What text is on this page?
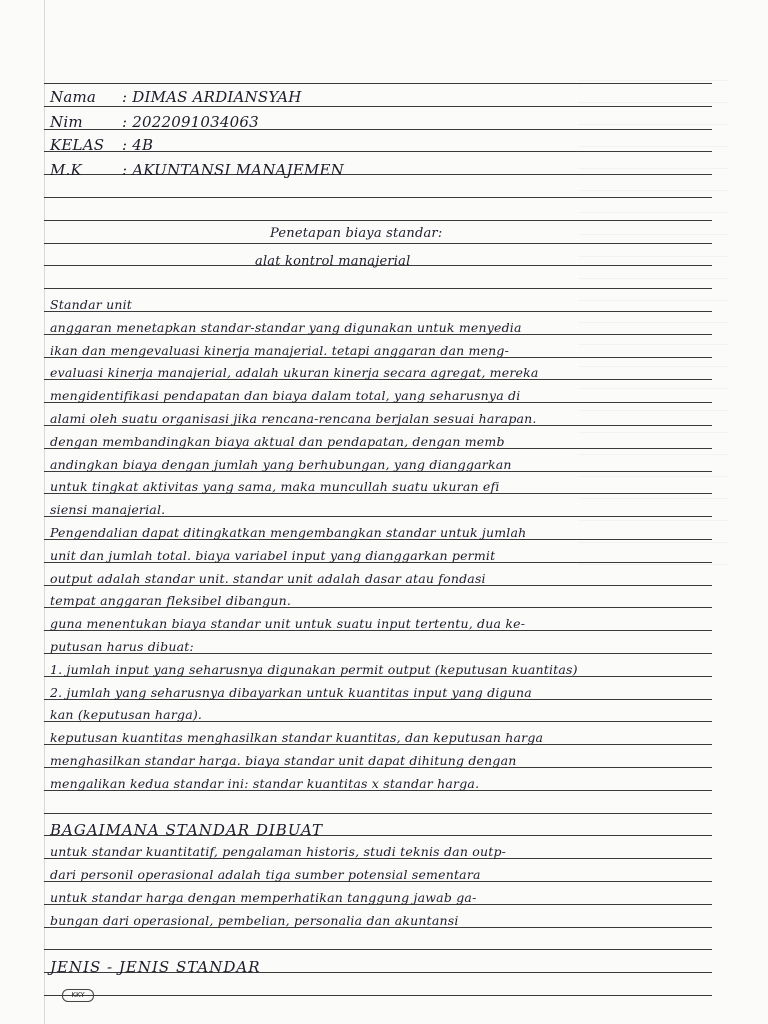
Nama : DIMAS ARDIANSYAH
Nim	: 2022091034063
KELAS : 4B
M.K	: AKUNTANSI MANAJEMEN
Penetapan biaya standar:
alat kontrol manajerial
Standar unit
anggaran menetapkan standar-standar yang digunakan untuk menyedia
ikan dan mengevaluasi kinerja manajerial. tetapi anggaran dan meng-
evaluasi kinerja manajerial, adalah ukuran kinerja secara agregat, mereka
mengidentifikasi pendapatan dan biaya dalam total, yang seharusnya di
alami oleh suatu organisasi jika rencana-rencana berjalan sesuai harapan.
dengan membandingkan biaya aktual dan pendapatan, dengan memb
andingkan biaya dengan jumlah yang berhubungan, yang dianggarkan
untuk tingkat aktivitas yang sama, maka muncullah suatu ukuran efi
siensi manajerial.
Pengendalian dapat ditingkatkan mengembangkan standar untuk jumlah
unit dan jumlah total. biaya variabel input yang dianggarkan permit
output adalah standar unit. standar unit adalah dasar atau fondasi
tempat anggaran fleksibel dibangun.
guna menentukan biaya standar unit untuk suatu input tertentu, dua ke-
putusan harus dibuat:
1. jumlah input yang seharusnya digunakan permit output (keputusan kuantitas)
2. jumlah yang seharusnya dibayarkan untuk kuantitas input yang diguna
kan (keputusan harga).
keputusan kuantitas menghasilkan standar kuantitas, dan keputusan harga
menghasilkan standar harga. biaya standar unit dapat dihitung dengan
mengalikan kedua standar ini: standar kuantitas x standar harga.
BAGAIMANA STANDAR DIBUAT
untuk standar kuantitatif, pengalaman historis, studi teknis dan outp-
dari personil operasional adalah tiga sumber potensial sementara
untuk standar harga dengan memperhatikan tanggung jawab ga-
bungan dari operasional, pembelian, personalia dan akuntansi
JENIS - JENIS STANDAR
KKY
